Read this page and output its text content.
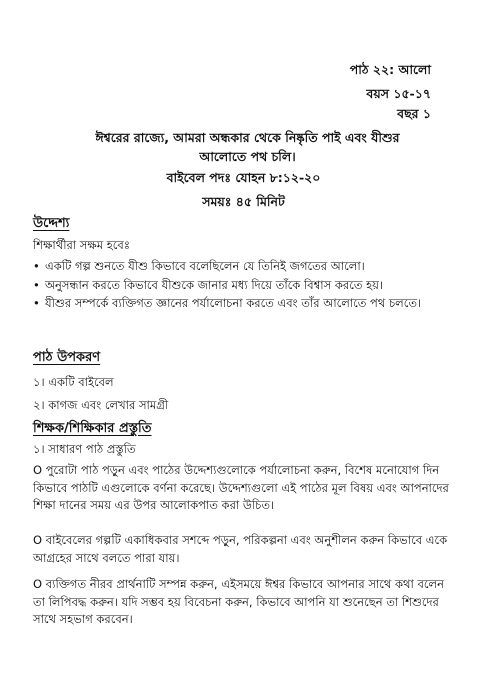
পাঠ ২২: আলো
বয়স ১৫-১৭
বছর ১
ঈশ্বরের রাজ্যে, আমরা অন্ধকার থেকে নিষ্কৃতি পাই এবং যীশুর আলোতে পথ চলি।
বাইবেল পদঃ যোহন ৮:১২-২০
সময়ঃ ৪৫ মিনিট
উদ্দেশ্য
শিক্ষার্থীরা সক্ষম হবেঃ
• একটি গল্প শুনতে যীশু কিভাবে বলেছিলেন যে তিনিই জগতের আলো।
• অনুসন্ধান করতে কিভাবে যীশুকে জানার মধ্য দিয়ে তাঁকে বিশ্বাস করতে হয়।
• যীশুর সম্পর্কে ব্যক্তিগত জ্ঞানের পর্যালোচনা করতে এবং তাঁর আলোতে পথ চলতে।
পাঠ উপকরণ
১। একটি বাইবেল
২। কাগজ এবং লেখার সামগ্রী
শিক্ষক/শিক্ষিকার প্রস্তুতি
১। সাধারণ পাঠ প্রস্তুতি
O পুরোটা পাঠ পড়ুন এবং পাঠের উদ্দেশ্যগুলোকে পর্যালোচনা করুন, বিশেষ মনোযোগ দিন কিভাবে পাঠটি এগুলোকে বর্ণনা করেছে। উদ্দেশ্যগুলো এই পাঠের মূল বিষয় এবং আপনাদের শিক্ষা দানের সময় এর উপর আলোকপাত করা উচিত।
O বাইবেলের গল্পটি একাধিকবার সশব্দে পড়ুন, পরিকল্পনা এবং অনুশীলন করুন কিভাবে একে আগ্রহের সাথে বলতে পারা যায়।
O ব্যক্তিগত নীরব প্রার্থনাটি সম্পন্ন করুন, এইসময়ে ঈশ্বর কিভাবে আপনার সাথে কথা বলেন তা লিপিবদ্ধ করুন। যদি সম্ভব হয় বিবেচনা করুন, কিভাবে আপনি যা শুনেছেন তা শিশুদের সাথে সহভাগ করবেন।
